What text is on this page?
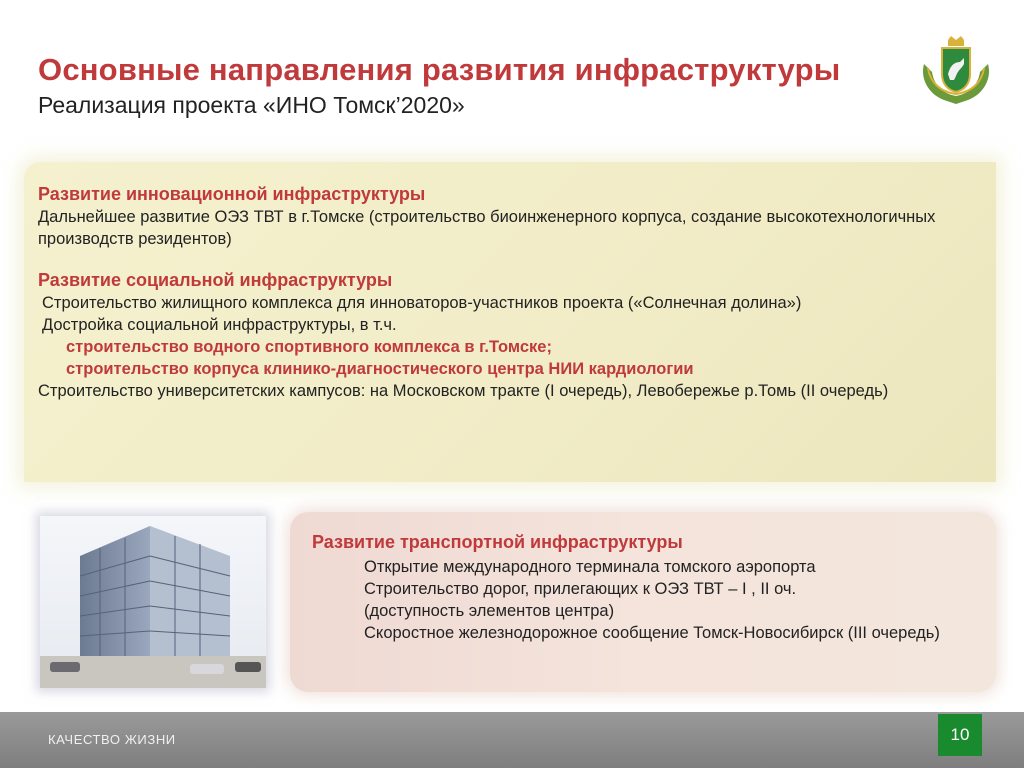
Основные направления развития инфраструктуры
Реализация проекта «ИНО Томск’2020»

Развитие инновационной инфраструктуры

Дальнейшее развитие ОЭЗ ТВТ в г.Томске (строительство биоинженерного корпуса, создание высокотехнологичных производств резидентов)

Развитие социальной инфраструктуры

Строительство жилищного комплекса для инноваторов-участников проекта («Солнечная долина»)

Достройка социальной инфраструктуры, в т.ч.

строительство водного спортивного комплекса в г.Томске;

строительство корпуса клинико-диагностического центра НИИ кардиологии

Строительство университетских кампусов: на Московском тракте (I очередь), Левобережье р.Томь (II очередь)

Развитие транспортной инфраструктуры

Открытие международного терминала томского аэропорта

Строительство дорог, прилегающих к ОЭЗ ТВТ – I , II оч.

(доступность элементов центра)

Скоростное железнодорожное сообщение Томск-Новосибирск (III очередь)

КАЧЕСТВО ЖИЗНИ	10
